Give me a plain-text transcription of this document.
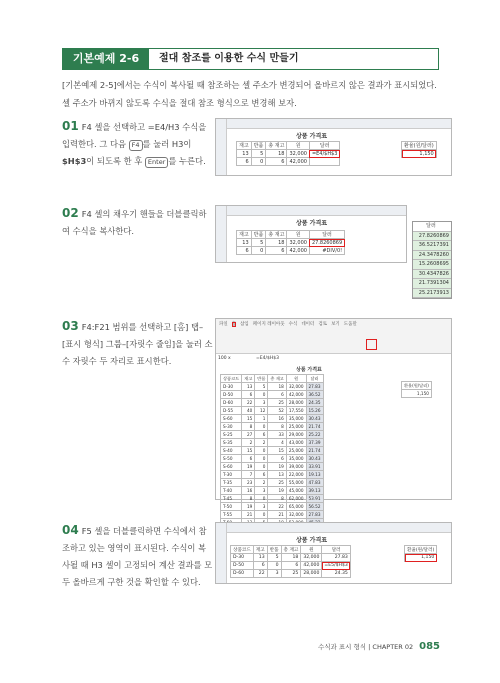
기본예제 2-6	절대 참조를 이용한 수식 만들기
[기본예제 2-5]에서는 수식이 복사될 때 참조하는 셀 주소가 변경되어 올바르지 않은 결과가 표시되었다. 셀 주소가 바뀌지 않도록 수식을 절대 참조 형식으로 변경해 보자.
01 F4 셀을 선택하고 =E4/H3 수식을 입력한다. 그 다음 F4 를 눌러 H3이 $H$3이 되도록 한 후 Enter 를 누른다.
상품 가격표
재고	반품	총 재고	원	달러
13	5	18	32,000	=E4/$H$3
6	0	6	42,000	
환율(원/달러)
1,150
02 F4 셀의 채우기 핸들을 더블클릭하여 수식을 복사한다.
상품 가격표
재고	반품	총 재고	원	달러
13	5	18	32,000	27.8260869
6	0	6	42,000	#DIV/0!
달러
27.8260869
36.5217391
24.3478260
15.2608695
30.4347826
21.7391304
25.2173913
03 F4:F21 범위를 선택하고 [홈] 탭–[표시 형식] 그룹–[자릿수 줄임]을 눌러 소수 자릿수 두 자리로 표시한다.
파일 홈 삽입 페이지 레이아웃 수식 데이터 검토 보기 도움말
100 x	=E4/$H$3
상품 가격표
상품코드	재고	반품	총 재고	원	달러
D-30	13	5	18	32,000	27.83
D-50	6	0	6	42,000	36.52
D-60	22	3	25	28,000	24.35
D-55	40	12	52	17,550	15.26
S-60	15	1	16	35,000	30.43
S-30	8	0	8	25,000	21.74
S-25	27	6	33	29,000	25.22
S-35	2	2	4	43,000	37.39
S-40	15	0	15	25,000	21.74
S-50	6	0	6	35,000	30.43
S-60	19	0	19	39,000	33.91
T-30	7	6	13	22,000	19.13
T-35	23	2	25	55,000	47.83
T-40	16	3	19	45,000	39.13
T-45	8	0	8	62,000	53.91
T-50	19	3	22	65,000	56.52
T-55	21	0	21	32,000	27.83

환율(원/달러)
1,150
04 F5 셀을 더블클릭하면 수식에서 참조하고 있는 영역이 표시된다. 수식이 복사될 때 H3 셀이 고정되어 계산 결과를 모두 올바르게 구한 것을 확인할 수 있다.
상품 가격표
상품코드	재고	반품	총 재고	원	달러
D-30	13	5	18	32,000	27.83
D-50	6	0	6	42,000	=E5/$H$3
D-60	22	3	25	28,000	24.35
환율(원/달러)
1,150
수식과 표시 형식 | CHAPTER 02 085
